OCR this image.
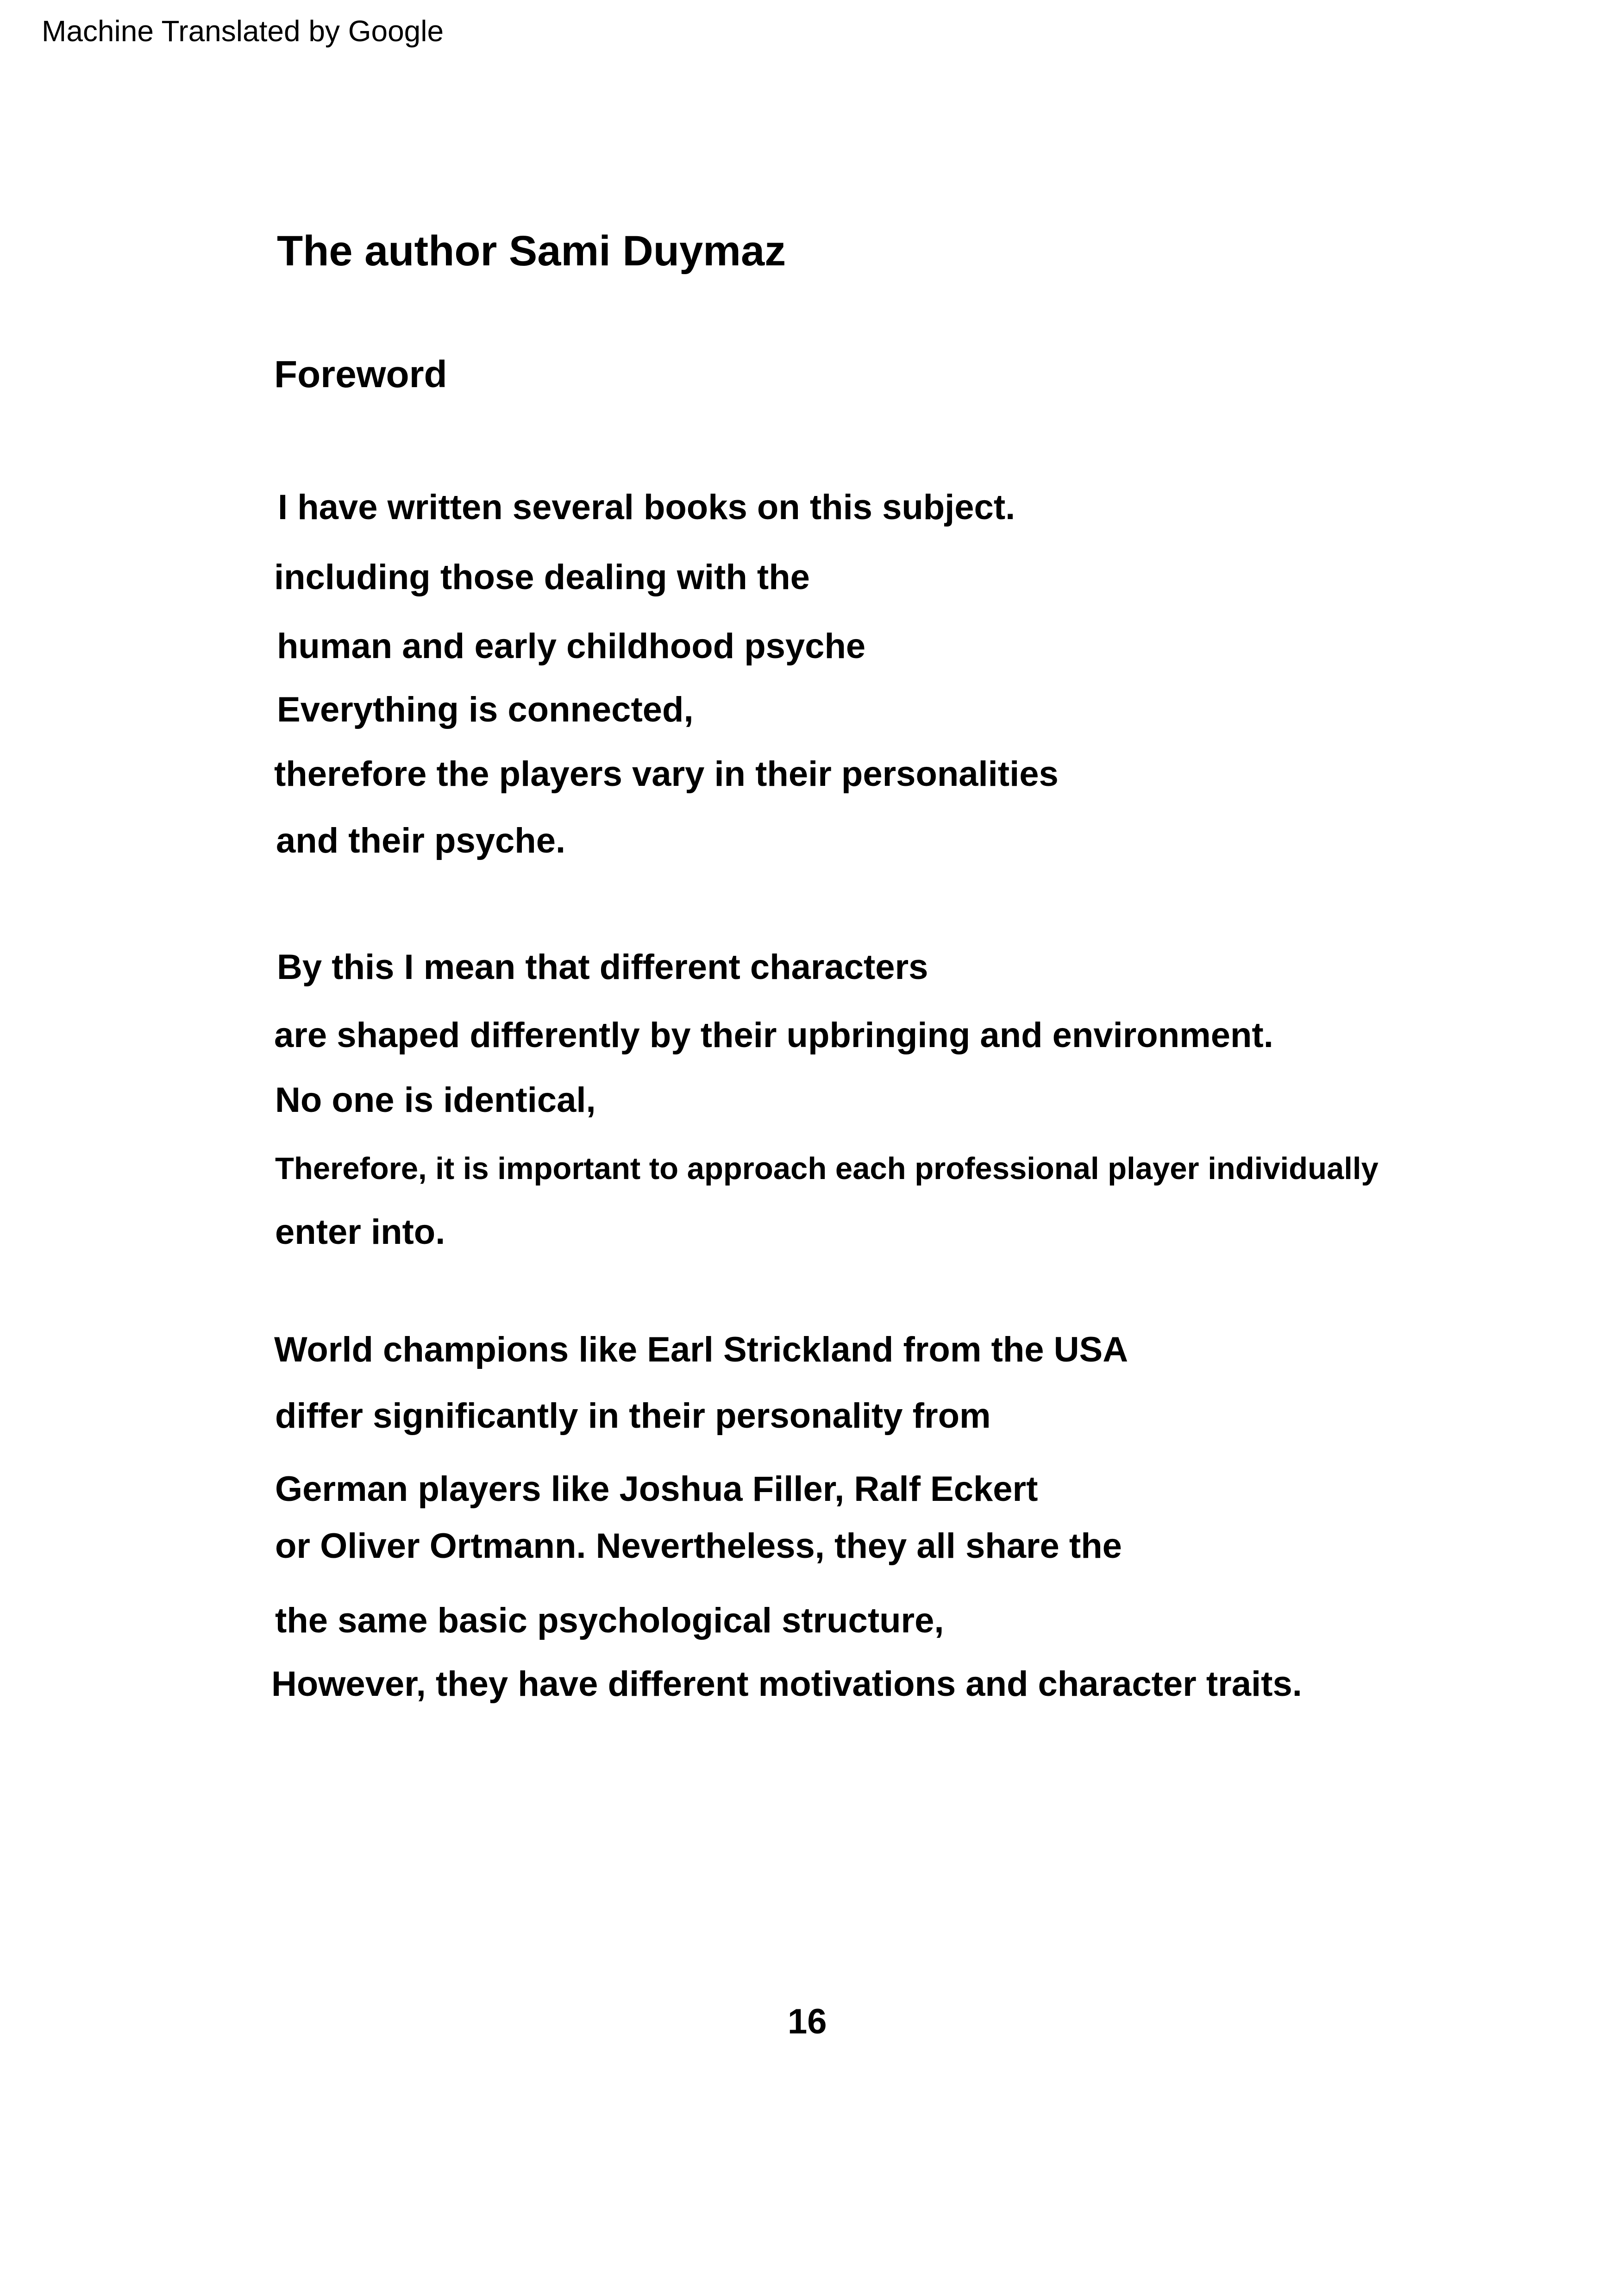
Machine Translated by Google
The author Sami Duymaz
Foreword
I have written several books on this subject.
including those dealing with the
human and early childhood psyche
Everything is connected,
therefore the players vary in their personalities
and their psyche.
By this I mean that different characters
are shaped differently by their upbringing and environment.
No one is identical,
Therefore, it is important to approach each professional player individually
enter into.
World champions like Earl Strickland from the USA
differ significantly in their personality from
German players like Joshua Filler, Ralf Eckert
or Oliver Ortmann. Nevertheless, they all share the
the same basic psychological structure,
However, they have different motivations and character traits.
16
